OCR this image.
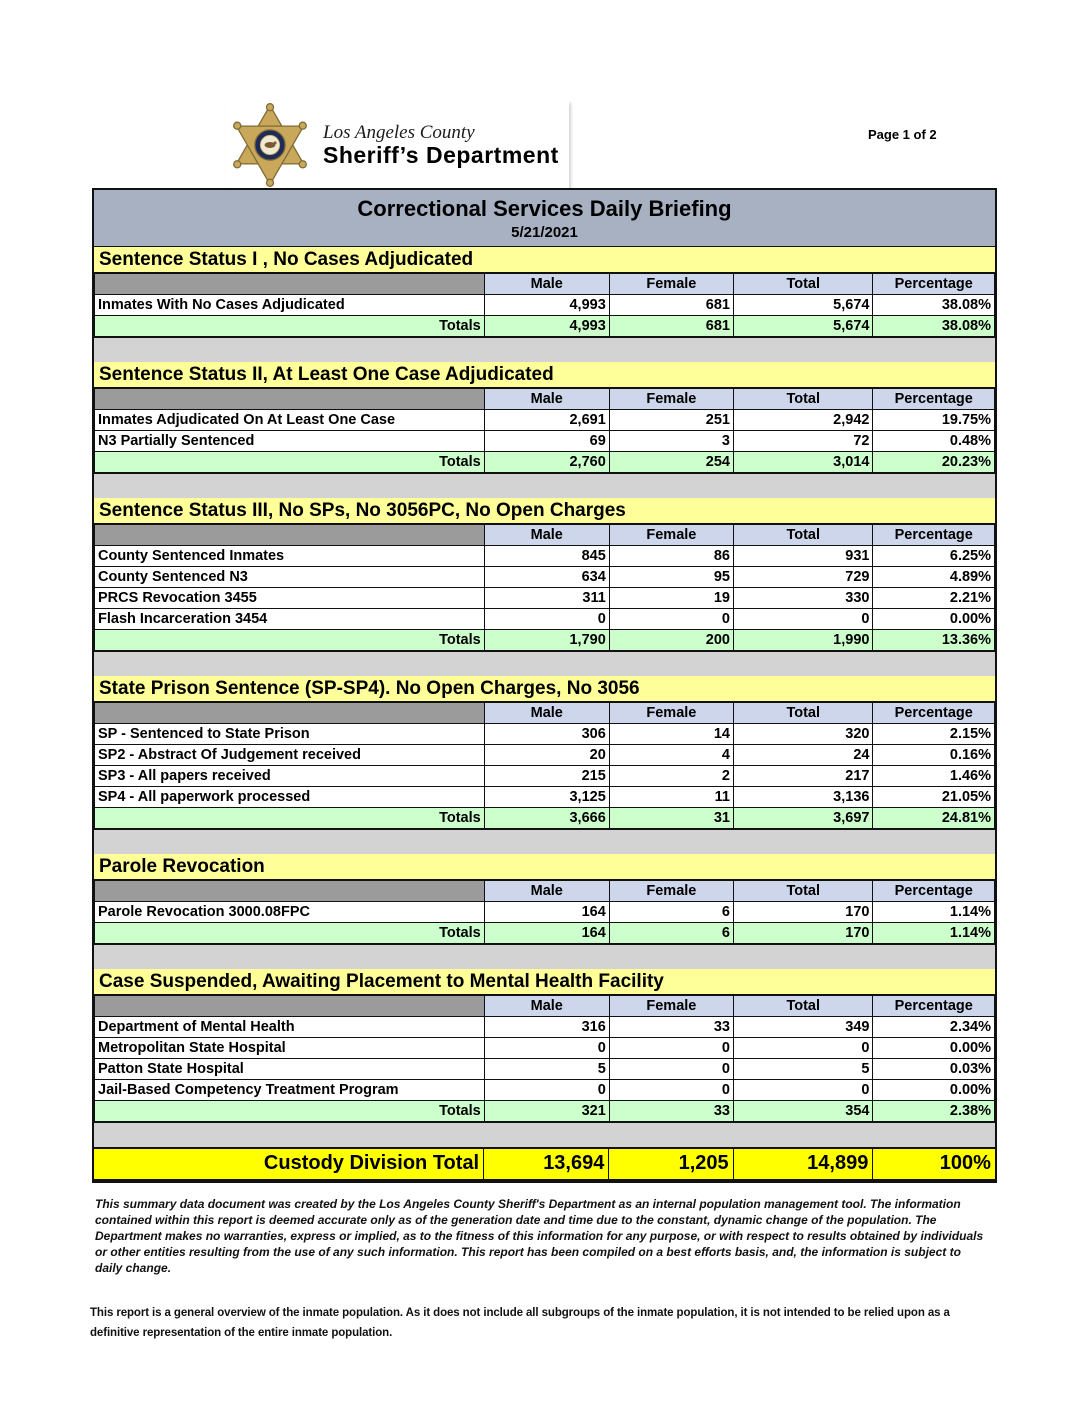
Los Angeles County
Sheriff’s Department
Page 1 of 2
Correctional Services Daily Briefing
5/21/2021
Sentence Status I , No Cases Adjudicated
	Male	Female	Total	Percentage
Inmates With No Cases Adjudicated	4,993	681	5,674	38.08%
Totals	4,993	681	5,674	38.08%
Sentence Status II, At Least One Case Adjudicated
	Male	Female	Total	Percentage
Inmates Adjudicated On At Least One Case	2,691	251	2,942	19.75%
N3 Partially Sentenced	69	3	72	0.48%
Totals	2,760	254	3,014	20.23%
Sentence Status III, No SPs, No 3056PC, No Open Charges
	Male	Female	Total	Percentage
County Sentenced Inmates	845	86	931	6.25%
County Sentenced N3	634	95	729	4.89%
PRCS Revocation 3455	311	19	330	2.21%
Flash Incarceration 3454	0	0	0	0.00%
Totals	1,790	200	1,990	13.36%
State Prison Sentence (SP-SP4). No Open Charges, No 3056
	Male	Female	Total	Percentage
SP - Sentenced to State Prison	306	14	320	2.15%
SP2 - Abstract Of Judgement received	20	4	24	0.16%
SP3 - All papers received	215	2	217	1.46%
SP4 - All paperwork processed	3,125	11	3,136	21.05%
Totals	3,666	31	3,697	24.81%
Parole Revocation
	Male	Female	Total	Percentage
Parole Revocation 3000.08FPC	164	6	170	1.14%
Totals	164	6	170	1.14%
Case Suspended, Awaiting Placement to Mental Health Facility
	Male	Female	Total	Percentage
Department of Mental Health	316	33	349	2.34%
Metropolitan State Hospital	0	0	0	0.00%
Patton State Hospital	5	0	5	0.03%
Jail-Based Competency Treatment Program	0	0	0	0.00%
Totals	321	33	354	2.38%
Custody Division Total	13,694	1,205	14,899	100%
This summary data document was created by the Los Angeles County Sheriff's Department as an internal population management tool. The information contained within this report is deemed accurate only as of the generation date and time due to the constant, dynamic change of the population. The Department makes no warranties, express or implied, as to the fitness of this information for any purpose, or with respect to results obtained by individuals or other entities resulting from the use of any such information. This report has been compiled on a best efforts basis, and, the information is subject to daily change.
This report is a general overview of the inmate population. As it does not include all subgroups of the inmate population, it is not intended to be relied upon as a definitive representation of the entire inmate population.
